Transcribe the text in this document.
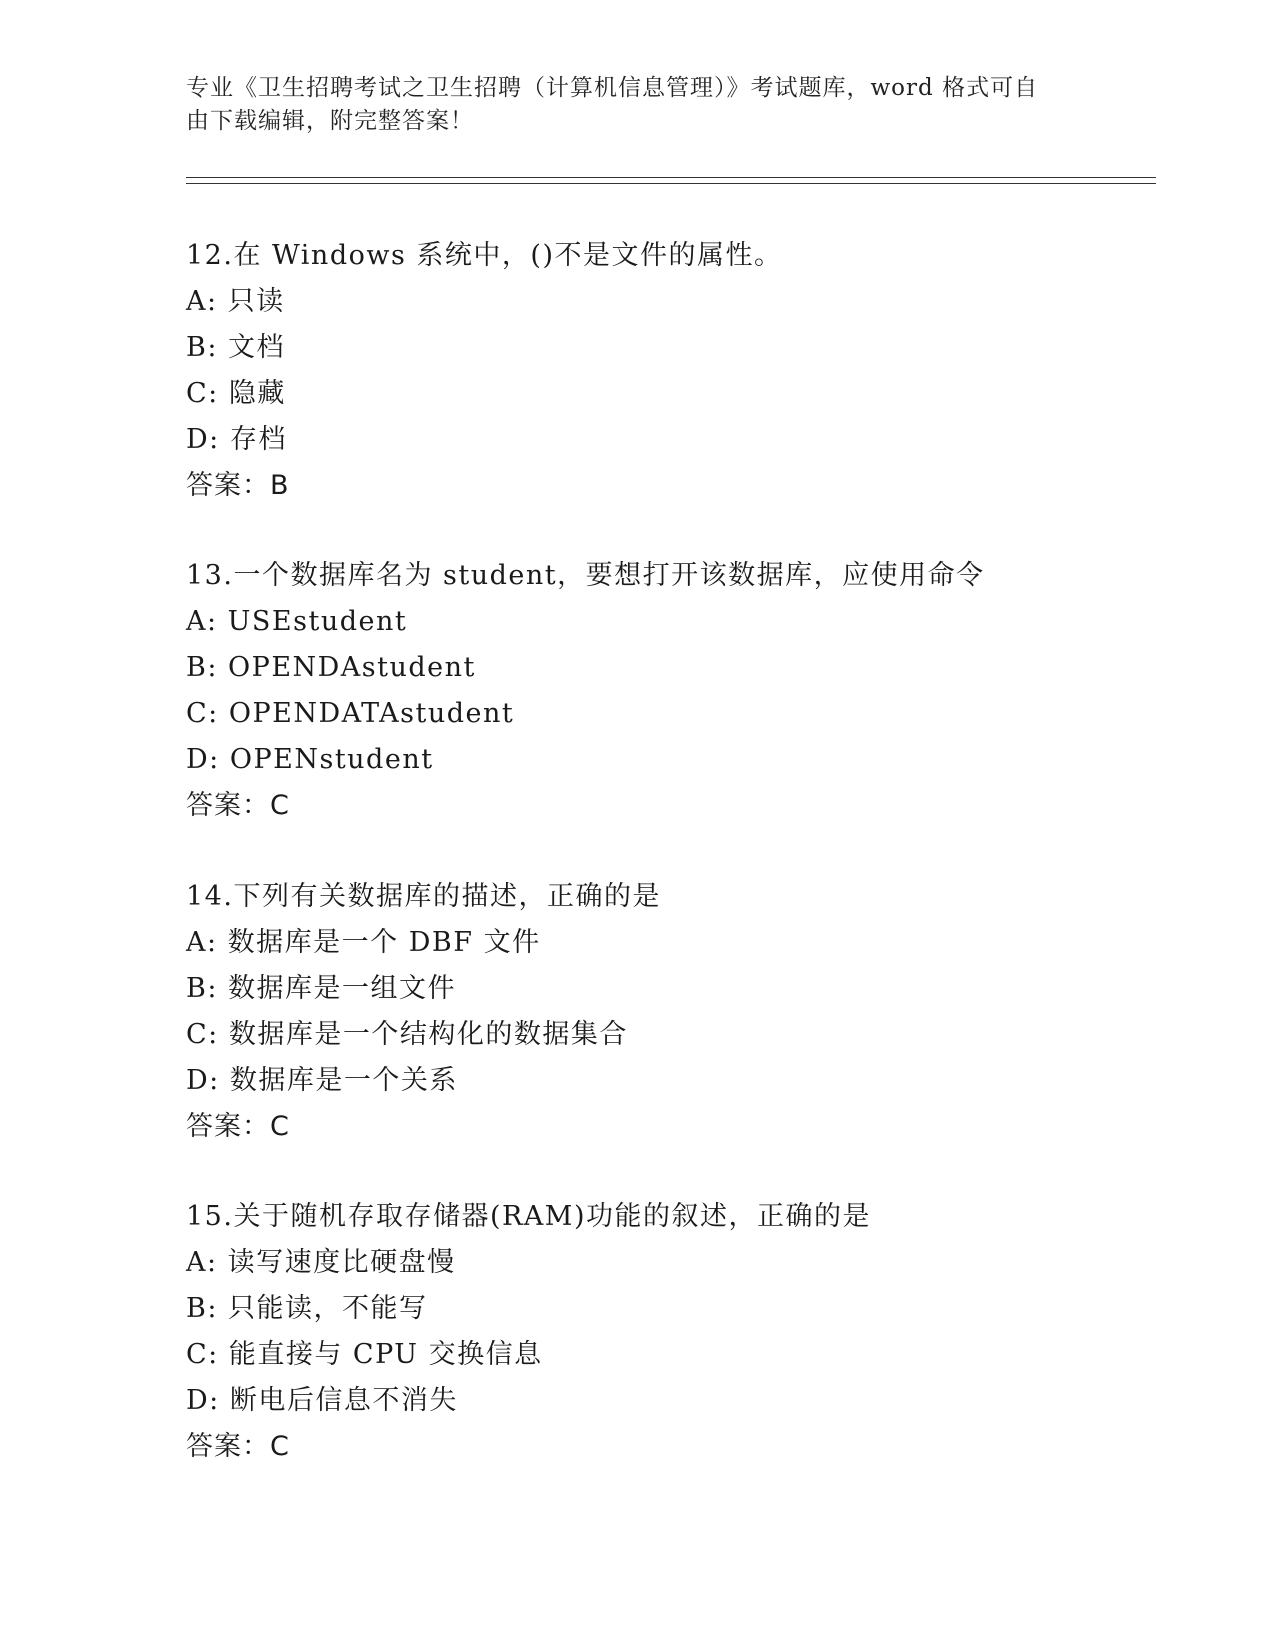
专业《卫生招聘考试之卫生招聘（计算机信息管理）》考试题库，word 格式可自
由下载编辑，附完整答案！
12.在 Windows 系统中，()不是文件的属性。
A: 只读
B: 文档
C: 隐藏
D: 存档
答案：B
13.一个数据库名为 student，要想打开该数据库，应使用命令
A: USEstudent
B: OPENDAstudent
C: OPENDATAstudent
D: OPENstudent
答案：C
14.下列有关数据库的描述，正确的是
A: 数据库是一个 DBF 文件
B: 数据库是一组文件
C: 数据库是一个结构化的数据集合
D: 数据库是一个关系
答案：C
15.关于随机存取存储器(RAM)功能的叙述，正确的是
A: 读写速度比硬盘慢
B: 只能读，不能写
C: 能直接与 CPU 交换信息
D: 断电后信息不消失
答案：C
